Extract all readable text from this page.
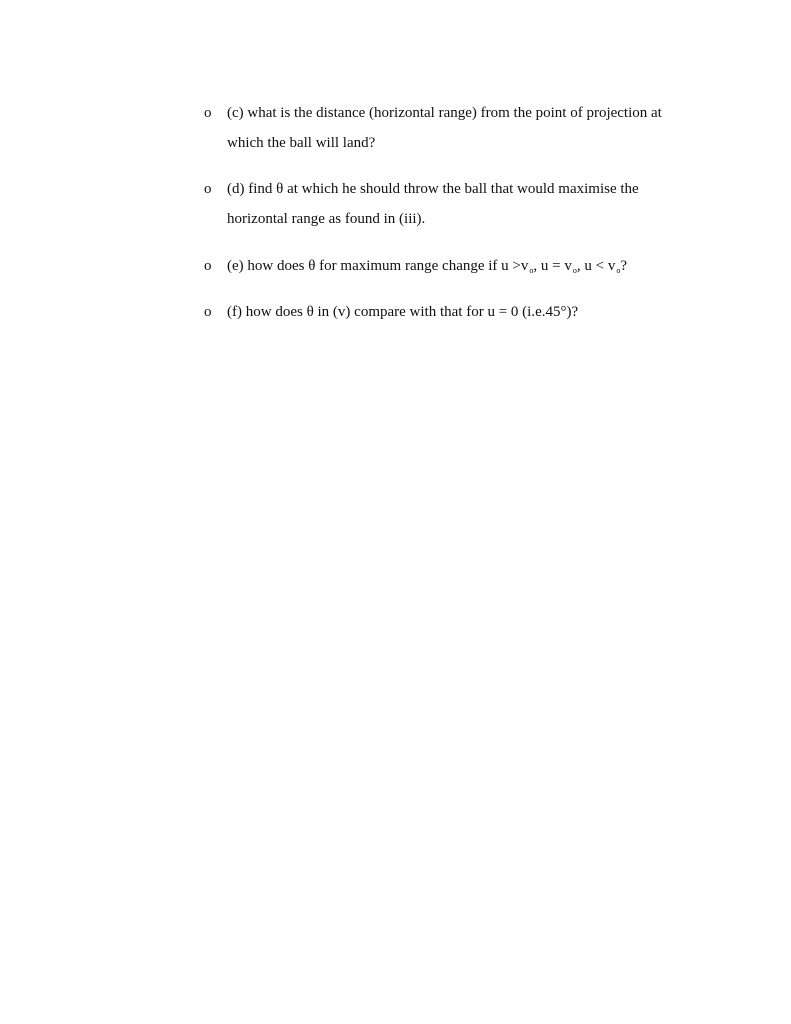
o	(c) what is the distance (horizontal range) from the point of projection at
which the ball will land?
o	(d) find θ at which he should throw the ball that would maximise the
horizontal range as found in (iii).
o	(e) how does θ for maximum range change if $u >v_o$, $u = v_o$, $u < v_o$?
o	(f) how does θ in (v) compare with that for u = 0 (i.e.45°)?
